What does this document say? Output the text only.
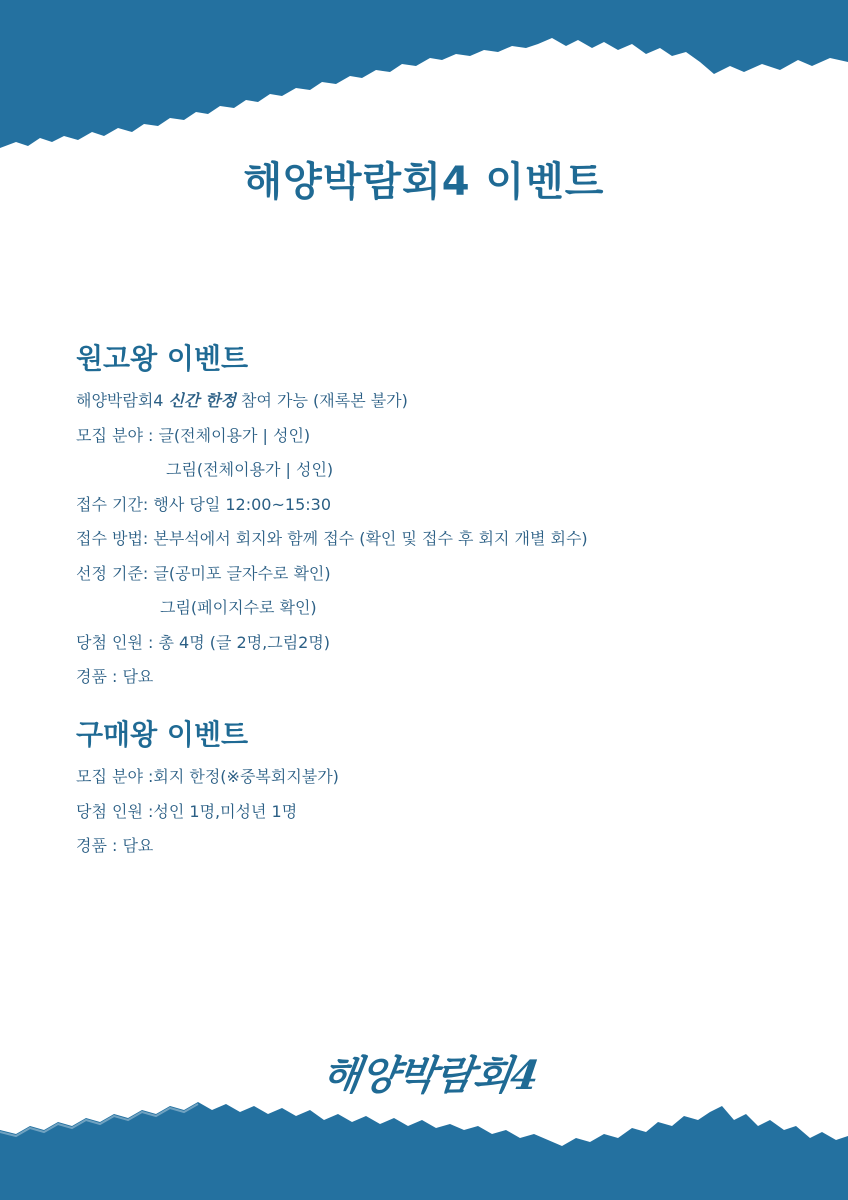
해양박람회4 이벤트
원고왕 이벤트
해양박람회4 신간 한정 참여 가능 (재록본 불가)
모집 분야 : 글(전체이용가 | 성인)
그림(전체이용가 | 성인)
접수 기간: 행사 당일 12:00~15:30
접수 방법: 본부석에서 회지와 함께 접수 (확인 및 접수 후 회지 개별 회수)
선정 기준: 글(공미포 글자수로 확인)
그림(페이지수로 확인)
당첨 인원 : 총 4명 (글 2명,그림2명)
경품 : 담요
구매왕 이벤트
모집 분야 :회지 한정(※중복회지불가)
당첨 인원 :성인 1명,미성년 1명
경품 : 담요
해양박람회4
